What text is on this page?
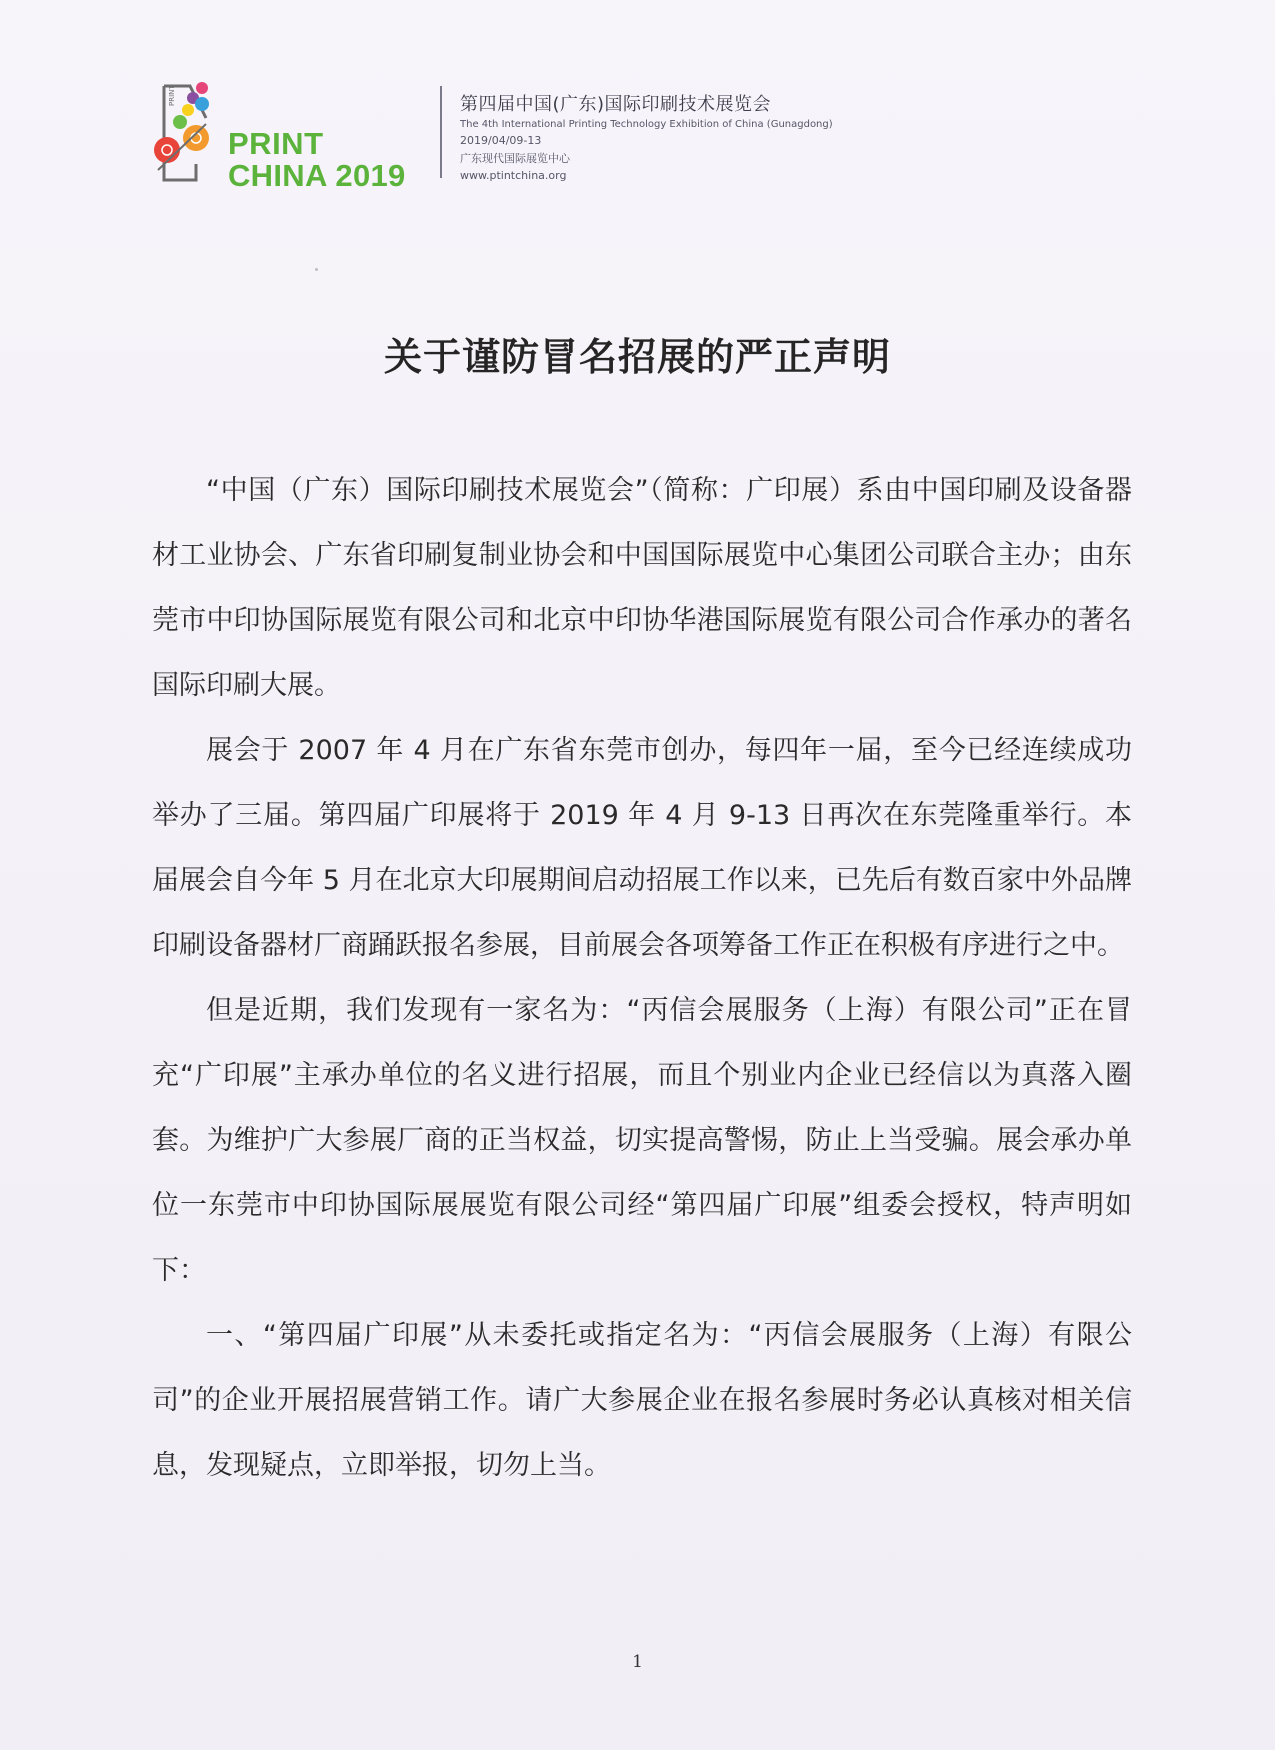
PRINT
PRINT
CHINA 2019
第四届中国(广东)国际印刷技术展览会
The 4th International Printing Technology Exhibition of China (Gunagdong)
2019/04/09-13
广东现代国际展览中心
www.ptintchina.org
关于谨防冒名招展的严正声明

“中国（广东）国际印刷技术展览会”（简称：广印展）系由中国印刷及设备器材工业协会、广东省印刷复制业协会和中国国际展览中心集团公司联合主办；由东莞市中印协国际展览有限公司和北京中印协华港国际展览有限公司合作承办的著名国际印刷大展。

展会于 2007 年 4 月在广东省东莞市创办，每四年一届，至今已经连续成功举办了三届。第四届广印展将于 2019 年 4 月 9-13 日再次在东莞隆重举行。本届展会自今年 5 月在北京大印展期间启动招展工作以来，已先后有数百家中外品牌印刷设备器材厂商踊跃报名参展，目前展会各项筹备工作正在积极有序进行之中。

但是近期，我们发现有一家名为：“丙信会展服务（上海）有限公司”正在冒充“广印展”主承办单位的名义进行招展，而且个别业内企业已经信以为真落入圈套。为维护广大参展厂商的正当权益，切实提高警惕，防止上当受骗。展会承办单位一东莞市中印协国际展展览有限公司经“第四届广印展”组委会授权，特声明如下：

一、“第四届广印展”从未委托或指定名为：“丙信会展服务（上海）有限公司”的企业开展招展营销工作。请广大参展企业在报名参展时务必认真核对相关信息，发现疑点，立即举报，切勿上当。

1
